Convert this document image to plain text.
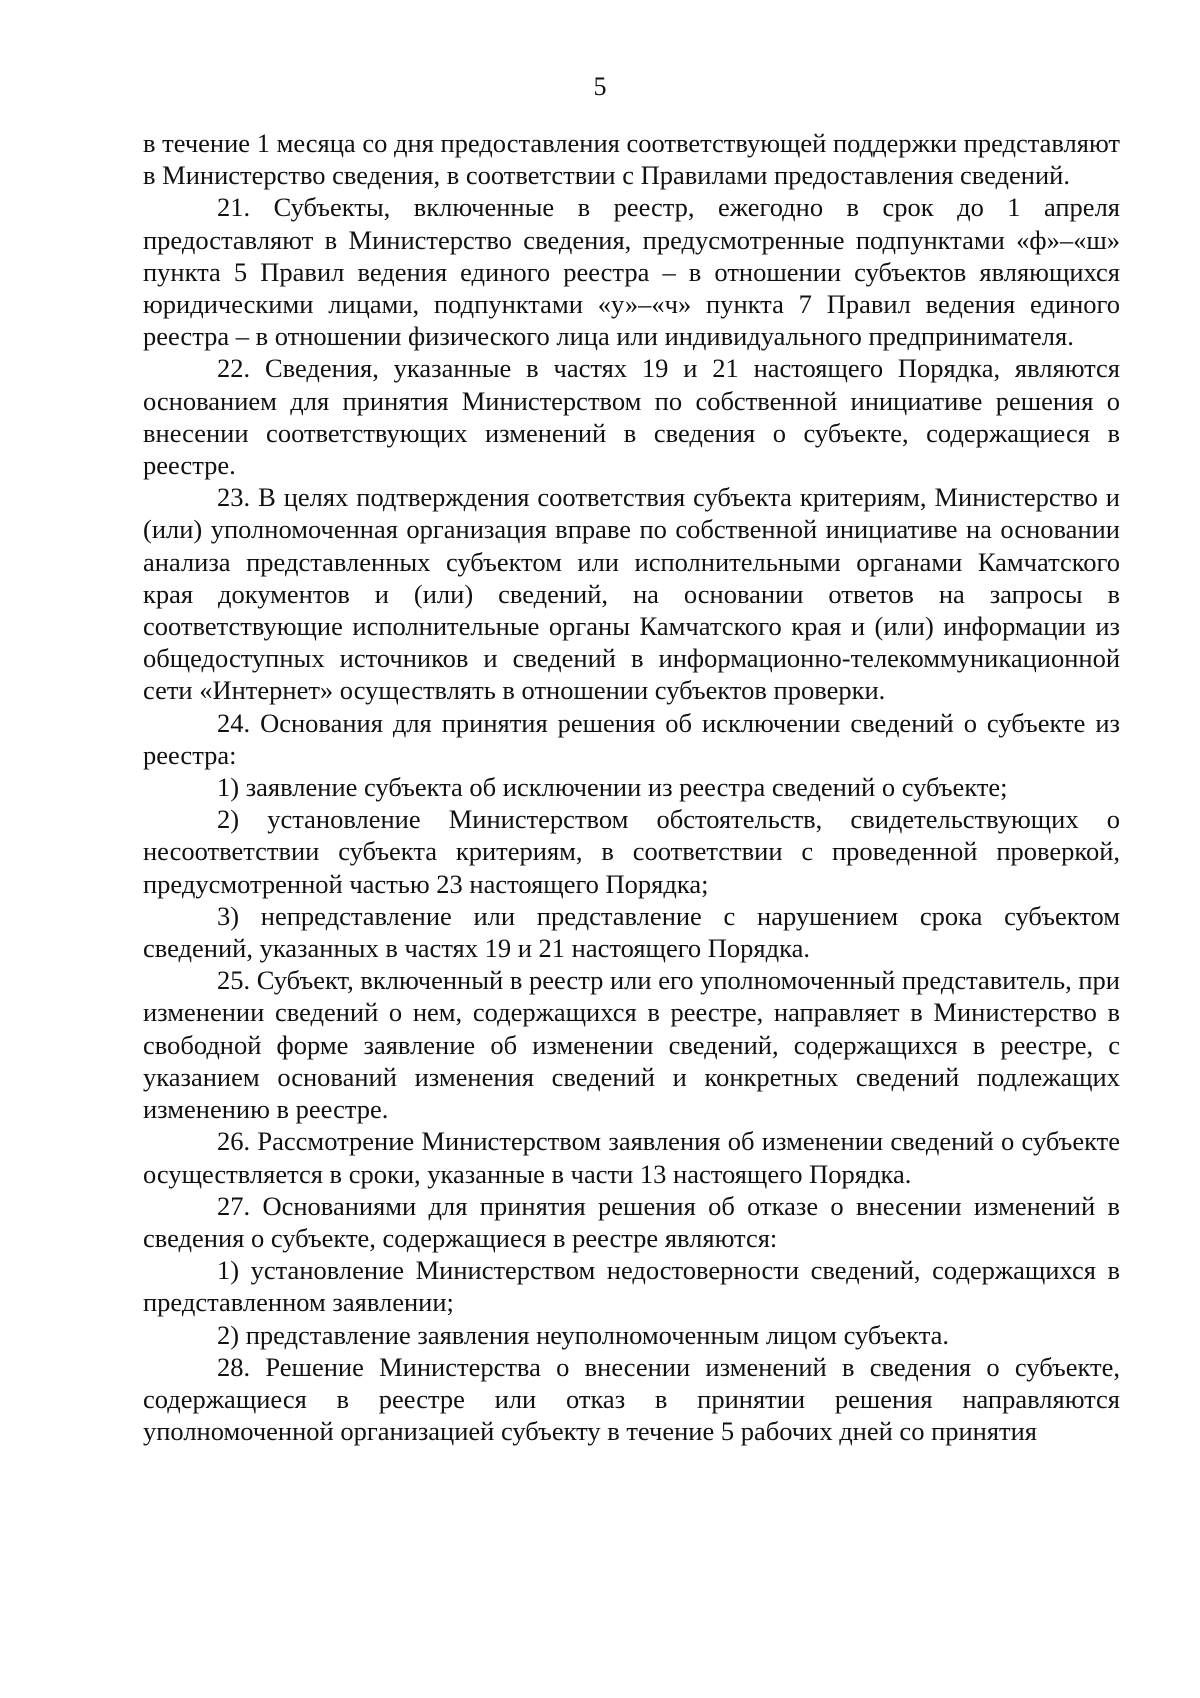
5

в течение 1 месяца со дня предоставления соответствующей поддержки представляют в Министерство сведения, в соответствии с Правилами предоставления сведений.

21. Субъекты, включенные в реестр, ежегодно в срок до 1 апреля предоставляют в Министерство сведения, предусмотренные подпунктами «ф»–«ш» пункта 5 Правил ведения единого реестра – в отношении субъектов являющихся юридическими лицами, подпунктами «у»–«ч» пункта 7 Правил ведения единого реестра – в отношении физического лица или индивидуального предпринимателя.

22. Сведения, указанные в частях 19 и 21 настоящего Порядка, являются основанием для принятия Министерством по собственной инициативе решения о внесении соответствующих изменений в сведения о субъекте, содержащиеся в реестре.

23. В целях подтверждения соответствия субъекта критериям, Министерство и (или) уполномоченная организация вправе по собственной инициативе на основании анализа представленных субъектом или исполнительными органами Камчатского края документов и (или) сведений, на основании ответов на запросы в соответствующие исполнительные органы Камчатского края и (или) информации из общедоступных источников и сведений в информационно-телекоммуникационной сети «Интернет» осуществлять в отношении субъектов проверки.

24. Основания для принятия решения об исключении сведений о субъекте из реестра:

1) заявление субъекта об исключении из реестра сведений о субъекте;

2) установление Министерством обстоятельств, свидетельствующих о несоответствии субъекта критериям, в соответствии с проведенной проверкой, предусмотренной частью 23 настоящего Порядка;

3) непредставление или представление с нарушением срока субъектом сведений, указанных в частях 19 и 21 настоящего Порядка.

25. Субъект, включенный в реестр или его уполномоченный представитель, при изменении сведений о нем, содержащихся в реестре, направляет в Министерство в свободной форме заявление об изменении сведений, содержащихся в реестре, с указанием оснований изменения сведений и конкретных сведений подлежащих изменению в реестре.

26. Рассмотрение Министерством заявления об изменении сведений о субъекте осуществляется в сроки, указанные в части 13 настоящего Порядка.

27. Основаниями для принятия решения об отказе о внесении изменений в сведения о субъекте, содержащиеся в реестре являются:

1) установление Министерством недостоверности сведений, содержащихся в представленном заявлении;

2) представление заявления неуполномоченным лицом субъекта.

28. Решение Министерства о внесении изменений в сведения о субъекте, содержащиеся в реестре или отказ в принятии решения направляются уполномоченной организацией субъекту в течение 5 рабочих дней со принятия
